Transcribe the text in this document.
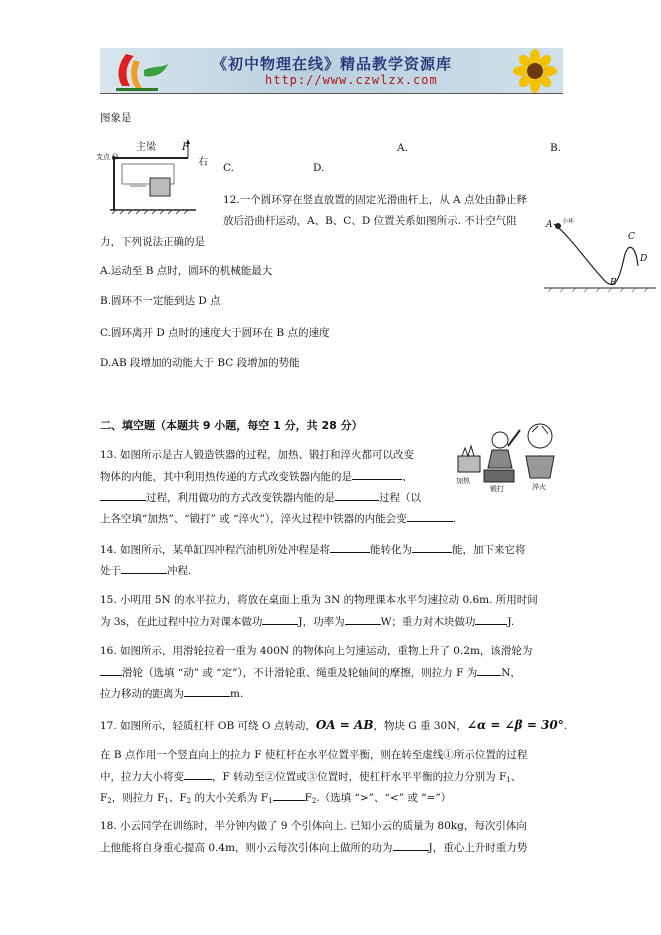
《初中物理在线》精品教学资源库
http://www.czwlzx.com
图象是
主梁
支点 O
F
右
A.	B.
C.	D.
12.一个圆环穿在竖直放置的固定光滑曲杆上，从 A 点处由静止释
放后沿曲杆运动，A、B、C、D 位置关系如图所示. 不计空气阻
力，下列说法正确的是
A.运动至 B 点时，圆环的机械能最大
B.圆环不一定能到达 D 点
C.圆环离开 D 点时的速度大于圆环在 B 点的速度
D.AB 段增加的动能大于 BC 段增加的势能
A 小环
B
C
D
二、填空题（本题共 9 小题，每空 1 分，共 28 分）
加热
锻打	淬火
13. 如图所示是古人锻造铁器的过程，加热、锻打和淬火都可以改变
物体的内能，其中利用热传递的方式改变铁器内能的是	、
过程，利用做功的方式改变铁器内能的是	过程（以
上各空填“加热”、“锻打” 或 “淬火”），淬火过程中铁器的内能会变	.
14. 如图所示，某单缸四冲程汽油机所处冲程是将	能转化为	能，加下来它将
处于	冲程.
15. 小明用 5N 的水平拉力，将放在桌面上重为 3N 的物理课本水平匀速拉动 0.6m. 所用时间
为 3s，在此过程中拉力对课本做功	J，功率为	W；重力对木块做功	J.
16. 如图所示，用滑轮拉着一重为 400N 的物体向上匀速运动，重物上升了 0.2m，该滑轮为
滑轮（选填 “动” 或 “定”），不计滑轮重、绳重及轮轴间的摩擦，则拉力 F 为 N，
拉力移动的距离为	m.
17. 如图所示，轻质杠杆 OB 可绕 O 点转动，OA = AB，物块 G 重 30N，∠α = ∠β = 30°.
在 B 点作用一个竖直向上的拉力 F 使杠杆在水平位置平衡，则在转至虚线①所示位置的过程
中，拉力大小将变	，F 转动至②位置或③位置时，使杠杆水平平衡的拉力分别为 $F_1$、
$F_2$，则拉力 $F_1$、$F_2$ 的大小关系为 $F_1$	$F_2$.（选填 “>”、“<” 或 “=”）
18. 小云同学在训练时，半分钟内做了 9 个引体向上. 已知小云的质量为 80kg，每次引体向
上他能将自身重心提高 0.4m，则小云每次引体向上做所的功为	J，重心上升时重力势
